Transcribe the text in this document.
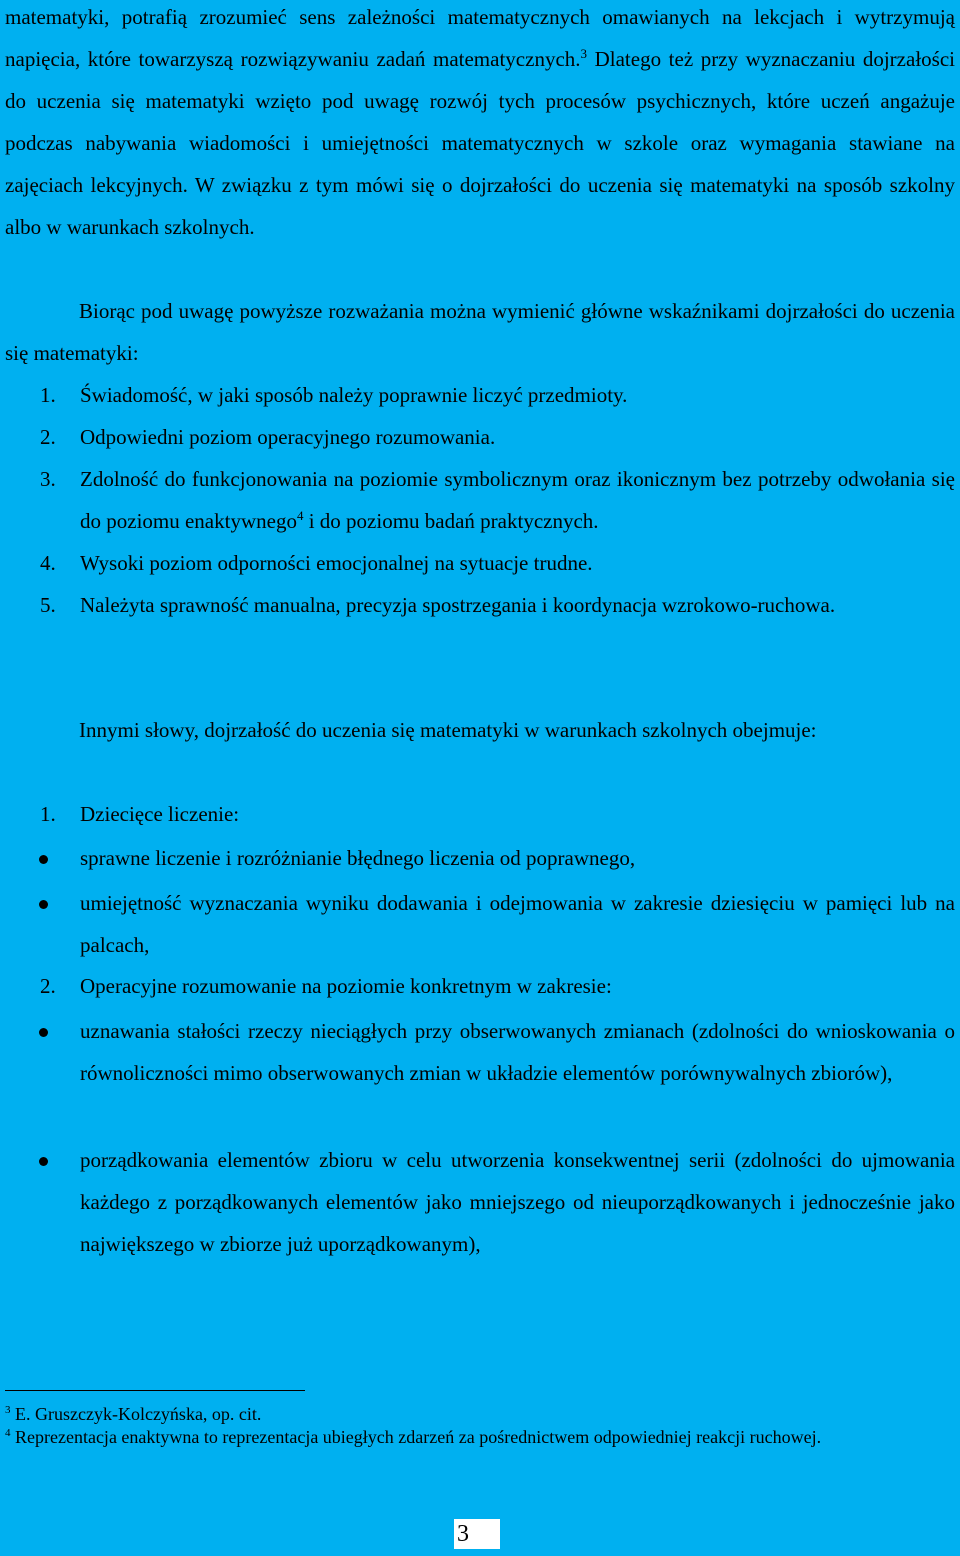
matematyki, potrafią zrozumieć sens zależności matematycznych omawianych na lekcjach i wytrzymują napięcia, które towarzyszą rozwiązywaniu zadań matematycznych.$^3$ Dlatego też przy wyznaczaniu dojrzałości do uczenia się matematyki wzięto pod uwagę rozwój tych procesów psychicznych, które uczeń angażuje podczas nabywania wiadomości i umiejętności matematycznych w szkole oraz wymagania stawiane na zajęciach lekcyjnych. W związku z tym mówi się o dojrzałości do uczenia się matematyki na sposób szkolny albo w warunkach szkolnych.

Biorąc pod uwagę powyższe rozważania można wymienić główne wskaźnikami dojrzałości do uczenia się matematyki:

1. Świadomość, w jaki sposób należy poprawnie liczyć przedmioty.
2. Odpowiedni poziom operacyjnego rozumowania.
3. Zdolność do funkcjonowania na poziomie symbolicznym oraz ikonicznym bez potrzeby odwołania się do poziomu enaktywnego$^4$ i do poziomu badań praktycznych.
4. Wysoki poziom odporności emocjonalnej na sytuacje trudne.
5. Należyta sprawność manualna, precyzja spostrzegania i koordynacja wzrokowo-ruchowa.

Innymi słowy, dojrzałość do uczenia się matematyki w warunkach szkolnych obejmuje:

1. Dziecięce liczenie:
sprawne liczenie i rozróżnianie błędnego liczenia od poprawnego,
umiejętność wyznaczania wyniku dodawania i odejmowania w zakresie dziesięciu w pamięci lub na palcach,
2. Operacyjne rozumowanie na poziomie konkretnym w zakresie:
uznawania stałości rzeczy nieciągłych przy obserwowanych zmianach (zdolności do wnioskowania o równoliczności mimo obserwowanych zmian w układzie elementów porównywalnych zbiorów),
porządkowania elementów zbioru w celu utworzenia konsekwentnej serii (zdolności do ujmowania każdego z porządkowanych elementów jako mniejszego od nieuporządkowanych i jednocześnie jako największego w zbiorze już uporządkowanym),

$^3$ E. Gruszczyk-Kolczyńska, op. cit.

$^4$ Reprezentacja enaktywna to reprezentacja ubiegłych zdarzeń za pośrednictwem odpowiedniej reakcji ruchowej.

3
